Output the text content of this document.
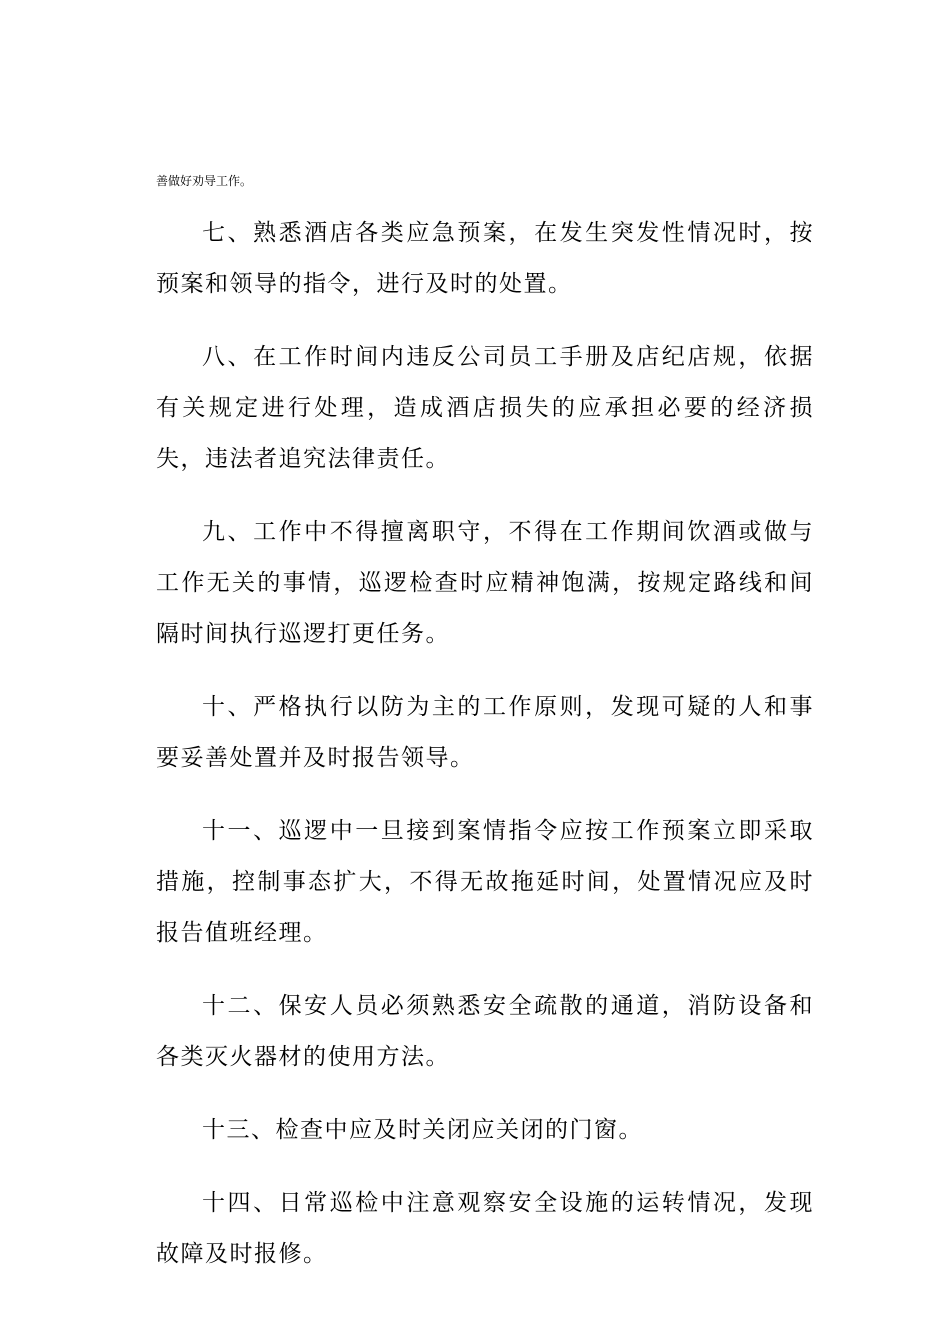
善做好劝导工作。

七、熟悉酒店各类应急预案，在发生突发性情况时，按预案和领导的指令，进行及时的处置。

八、在工作时间内违反公司员工手册及店纪店规，依据有关规定进行处理，造成酒店损失的应承担必要的经济损失，违法者追究法律责任。

九、工作中不得擅离职守，不得在工作期间饮酒或做与工作无关的事情，巡逻检查时应精神饱满，按规定路线和间隔时间执行巡逻打更任务。

十、严格执行以防为主的工作原则，发现可疑的人和事要妥善处置并及时报告领导。

十一、巡逻中一旦接到案情指令应按工作预案立即采取措施，控制事态扩大，不得无故拖延时间，处置情况应及时报告值班经理。

十二、保安人员必须熟悉安全疏散的通道，消防设备和各类灭火器材的使用方法。

十三、检查中应及时关闭应关闭的门窗。

十四、日常巡检中注意观察安全设施的运转情况，发现故障及时报修。
